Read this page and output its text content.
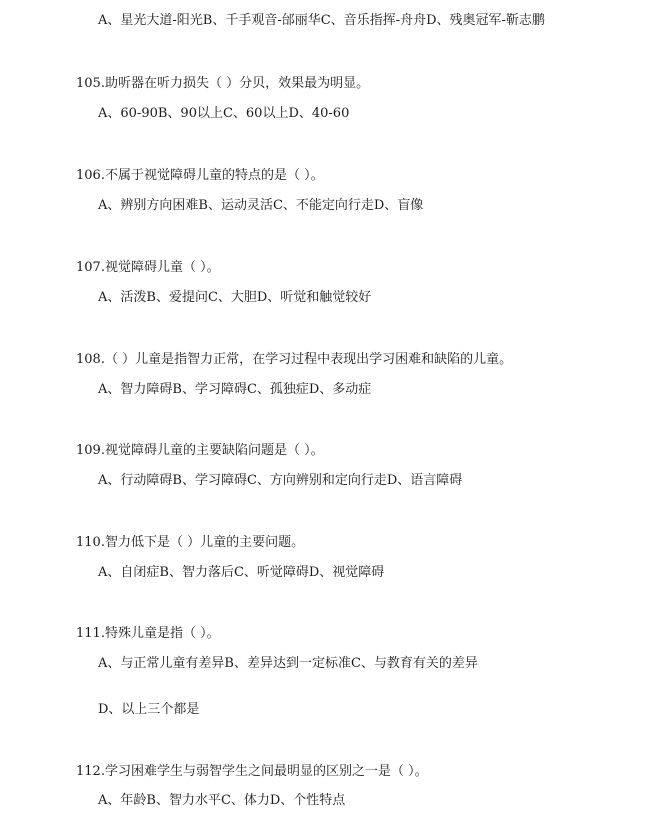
A、星光大道-阳光B、千手观音-邰丽华C、音乐指挥-舟舟D、残奥冠军-靳志鹏
105.助听器在听力损失（ ）分贝，效果最为明显。
A、60-90B、90以上C、60以上D、40-60
106.不属于视觉障碍儿童的特点的是（ ）。
A、辨别方向困难B、运动灵活C、不能定向行走D、盲像
107.视觉障碍儿童（ ）。
A、活泼B、爱提问C、大胆D、听觉和触觉较好
108.（ ）儿童是指智力正常，在学习过程中表现出学习困难和缺陷的儿童。
A、智力障碍B、学习障碍C、孤独症D、多动症
109.视觉障碍儿童的主要缺陷问题是（ ）。
A、行动障碍B、学习障碍C、方向辨别和定向行走D、语言障碍
110.智力低下是（ ）儿童的主要问题。
A、自闭症B、智力落后C、听觉障碍D、视觉障碍
111.特殊儿童是指（ ）。
A、与正常儿童有差异B、差异达到一定标准C、与教育有关的差异
D、以上三个都是
112.学习困难学生与弱智学生之间最明显的区别之一是（ ）。
A、年龄B、智力水平C、体力D、个性特点
